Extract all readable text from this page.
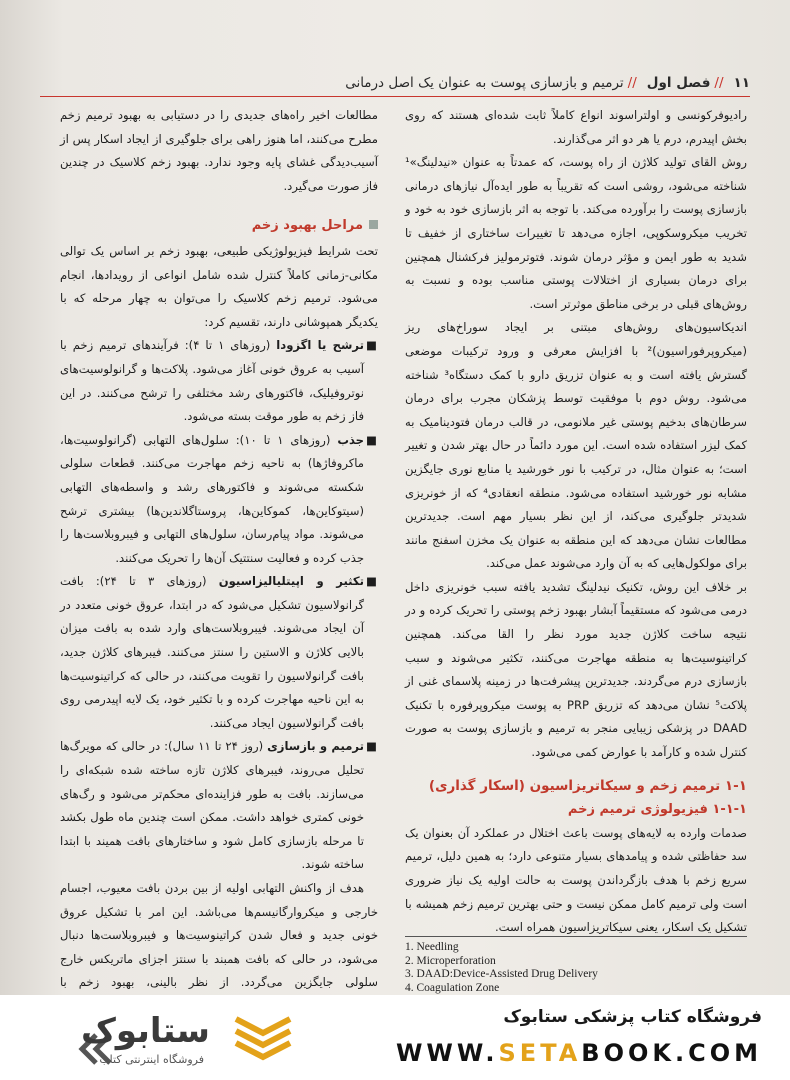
۱۱
//
فصل اول
//
ترمیم و بازسازی پوست به عنوان یک اصل درمانی

رادیوفرکونسی و اولتراسوند انواع کاملاً ثابت شده‌ای هستند که روی بخش اپیدرم، درم یا هر دو اثر می‌گذارند.

روش القای تولید کلاژن از راه پوست، که عمدتاً به عنوان «نیدلینگ»¹ شناخته می‌شود، روشی است که تقریباً به طور ایده‌آل نیازهای درمانی بازسازی پوست را برآورده می‌کند. با توجه به اثر بازسازی خود به خود و تخریب میکروسکوپی، اجازه می‌دهد تا تغییرات ساختاری از خفیف تا شدید به طور ایمن و مؤثر درمان شوند. فتوترمولیز فرکشنال همچنین برای درمان بسیاری از اختلالات پوستی مناسب بوده و نسبت به روش‌های قبلی در برخی مناطق موثرتر است.

اندیکاسیون‌های روش‌های مبتنی بر ایجاد سوراخ‌های ریز (میکروپرفوراسیون)² با افزایش معرفی و ورود ترکیبات موضعی گسترش یافته است و به عنوان تزریق دارو با کمک دستگاه³ شناخته می‌شود. روش دوم با موفقیت توسط پزشکان مجرب برای درمان سرطان‌های بدخیم پوستی غیر ملانومی، در قالب درمان فتودینامیک به کمک لیزر استفاده شده است. این مورد دائماً در حال بهتر شدن و تغییر است؛ به عنوان مثال، در ترکیب با نور خورشید یا منابع نوری جایگزین مشابه نور خورشید استفاده می‌شود. منطقه انعقادی⁴ که از خونریزی شدیدتر جلوگیری می‌کند، از این نظر بسیار مهم است. جدیدترین مطالعات نشان می‌دهد که این منطقه به عنوان یک مخزن اسفنج مانند برای مولکول‌هایی که به آن وارد می‌شوند عمل می‌کند.

بر خلاف این روش، تکنیک نیدلینگ تشدید یافته سبب خونریزی داخل درمی می‌شود که مستقیماً آبشار بهبود زخم پوستی را تحریک کرده و در نتیجه ساخت کلاژن جدید مورد نظر را القا می‌کند. همچنین کراتینوسیت‌ها به منطقه مهاجرت می‌کنند، تکثیر می‌شوند و سبب بازسازی درم می‌گردند. جدیدترین پیشرفت‌ها در زمینه پلاسمای غنی از پلاکت⁵ نشان می‌دهد که تزریق PRP به پوست میکروپرفوره با تکنیک DAAD در پزشکی زیبایی منجر به ترمیم و بازسازی پوست به صورت کنترل شده و کارآمد با عوارض کمی می‌شود.

۱-۱ ترمیم زخم و سیکاتریزاسیون (اسکار گذاری)
۱-۱-۱ فیزیولوژی ترمیم زخم

صدمات وارده به لایه‌های پوست باعث اختلال در عملکرد آن بعنوان یک سد حفاظتی شده و پیامدهای بسیار متنوعی دارد؛ به همین دلیل، ترمیم سریع زخم با هدف بازگرداندن پوست به حالت اولیه یک نیاز ضروری است ولی ترمیم کامل ممکن نیست و حتی بهترین ترمیم زخم همیشه با تشکیل یک اسکار، یعنی سیکاتریزاسیون همراه است.

مطالعات اخیر راه‌های جدیدی را در دستیابی به بهبود ترمیم زخم مطرح می‌کنند، اما هنوز راهی برای جلوگیری از ایجاد اسکار پس از آسیب‌دیدگی غشای پایه وجود ندارد. بهبود زخم کلاسیک در چندین فاز صورت می‌گیرد.

مراحل بهبود زخم

تحت شرایط فیزیولوژیکی طبیعی، بهبود زخم بر اساس یک توالی مکانی-زمانی کاملاً کنترل شده شامل انواعی از رویدادها، انجام می‌شود. ترمیم زخم کلاسیک را می‌توان به چهار مرحله که با یکدیگر همپوشانی دارند، تقسیم کرد:

■
ترشح یا اگزودا (روزهای ۱ تا ۴): فرآیندهای ترمیم زخم با آسیب به عروق خونی آغاز می‌شود. پلاکت‌ها و گرانولوسیت‌های نوتروفیلیک، فاکتورهای رشد مختلفی را ترشح می‌کنند. در این فاز زخم به طور موقت بسته می‌شود.
■
جذب (روزهای ۱ تا ۱۰): سلول‌های التهابی (گرانولوسیت‌ها، ماکروفاژها) به ناحیه زخم مهاجرت می‌کنند. قطعات سلولی شکسته می‌شوند و فاکتورهای رشد و واسطه‌های التهابی (سیتوکاین‌ها، کموکاین‌ها، پروستاگلاندین‌ها) بیشتری ترشح می‌شوند. مواد پیام‌رسان، سلول‌های التهابی و فیبروبلاست‌ها را جذب کرده و فعالیت سنتتیک آن‌ها را تحریک می‌کنند.
■
تکثیر و اپیتلیالیزاسیون (روزهای ۳ تا ۲۴): بافت گرانولاسیون تشکیل می‌شود که در ابتدا، عروق خونی متعدد در آن ایجاد می‌شوند. فیبروبلاست‌های وارد شده به بافت میزان بالایی کلاژن و الاستین را سنتز می‌کنند. فیبرهای کلاژن جدید، بافت گرانولاسیون را تقویت می‌کنند، در حالی که کراتینوسیت‌ها به این ناحیه مهاجرت کرده و با تکثیر خود، یک لایه اپیدرمی روی بافت گرانولاسیون ایجاد می‌کنند.
■
ترمیم و بازسازی (روز ۲۴ تا ۱۱ سال): در حالی که مویرگ‌ها تحلیل می‌روند، فیبرهای کلاژن تازه ساخته شده شبکه‌ای را می‌سازند. بافت به طور فزاینده‌ای محکم‌تر می‌شود و رگ‌های خونی کمتری خواهد داشت. ممکن است چندین ماه طول بکشد تا مرحله بازسازی کامل شود و ساختارهای بافت همیند با ابتدا ساخته شوند.

هدف از واکنش التهابی اولیه از بین بردن بافت معیوب، اجسام خارجی و میکروارگانیسم‌ها می‌باشد. این امر با تشکیل عروق خونی جدید و فعال شدن کراتینوسیت‌ها و فیبروبلاست‌ها دنبال می‌شود، در حالی که بافت همبند با سنتز اجزای ماتریکس خارج سلولی جایگزین می‌گردد. از نظر بالینی، بهبود زخم با

1. Needling
2. Microperforation
3. DAAD:Device-Assisted Drug Delivery
4. Coagulation Zone
ستابوک
فروشگاه اینترنتی کتاب
فروشگاه کتاب پزشکی ستابوک
WWW.SETABOOK.COM
